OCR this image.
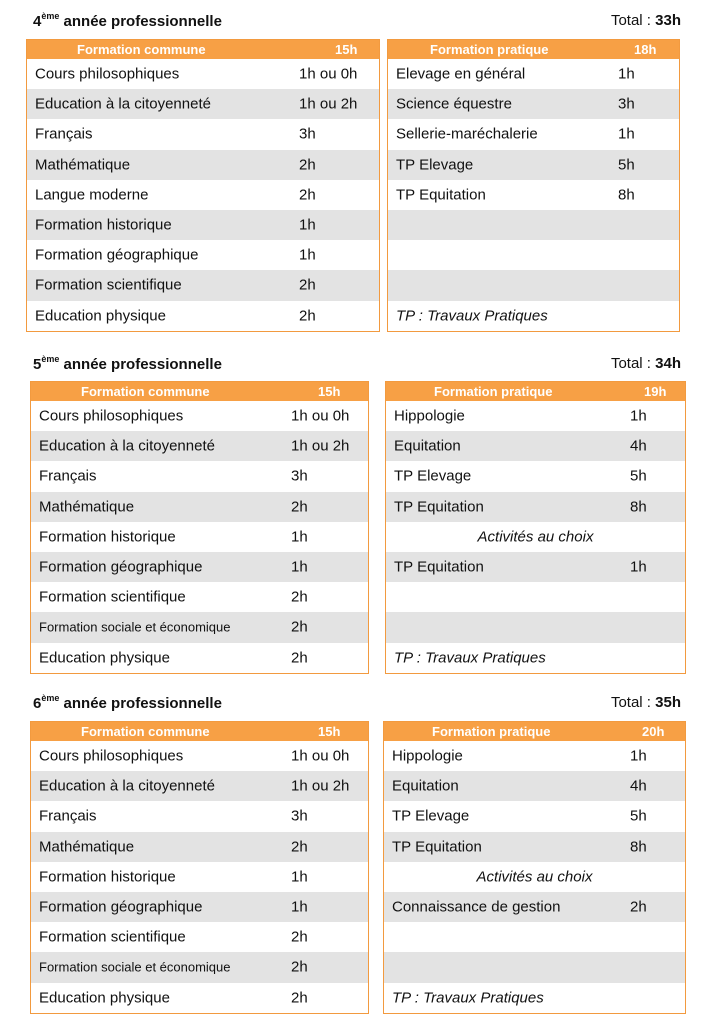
4ème année professionnelle	Total : 33h
Formation commune	15h
Cours philosophiques	1h ou 0h
Education à la citoyenneté	1h ou 2h
Français	3h
Mathématique	2h
Langue moderne	2h
Formation historique	1h
Formation géographique	1h
Formation scientifique	2h
Education physique	2h
Formation pratique	18h
Elevage en général	1h
Science équestre	3h
Sellerie-maréchalerie	1h
TP Elevage	5h
TP Equitation	8h
TP : Travaux Pratiques
5ème année professionnelle	Total : 34h
Formation commune	15h
Cours philosophiques	1h ou 0h
Education à la citoyenneté	1h ou 2h
Français	3h
Mathématique	2h
Formation historique	1h
Formation géographique	1h
Formation scientifique	2h
Formation sociale et économique	2h
Education physique	2h
Formation pratique	19h
Hippologie	1h
Equitation	4h
TP Elevage	5h
TP Equitation	8h
Activités au choix
TP Equitation	1h
TP : Travaux Pratiques
6ème année professionnelle	Total : 35h
Formation commune	15h
Cours philosophiques	1h ou 0h
Education à la citoyenneté	1h ou 2h
Français	3h
Mathématique	2h
Formation historique	1h
Formation géographique	1h
Formation scientifique	2h
Formation sociale et économique	2h
Education physique	2h
Formation pratique	20h
Hippologie	1h
Equitation	4h
TP Elevage	5h
TP Equitation	8h
Activités au choix
Connaissance de gestion	2h
TP : Travaux Pratiques
